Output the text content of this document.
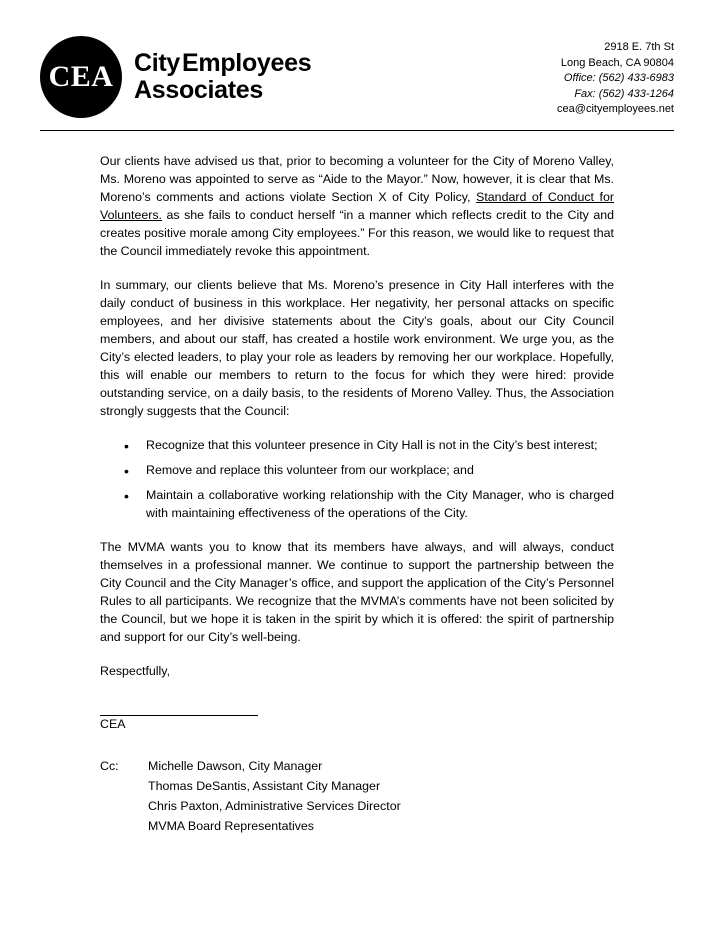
CEA CityEmployees
Associates
2918 E. 7th St
Long Beach, CA 90804
Office: (562) 433-6983
Fax: (562) 433-1264
cea@cityemployees.net

Our clients have advised us that, prior to becoming a volunteer for the City of Moreno Valley, Ms. Moreno was appointed to serve as “Aide to the Mayor.” Now, however, it is clear that Ms. Moreno’s comments and actions violate Section X of City Policy, Standard of Conduct for Volunteers. as she fails to conduct herself “in a manner which reflects credit to the City and creates positive morale among City employees.” For this reason, we would like to request that the Council immediately revoke this appointment.

In summary, our clients believe that Ms. Moreno’s presence in City Hall interferes with the daily conduct of business in this workplace. Her negativity, her personal attacks on specific employees, and her divisive statements about the City’s goals, about our City Council members, and about our staff, has created a hostile work environment. We urge you, as the City’s elected leaders, to play your role as leaders by removing her our workplace. Hopefully, this will enable our members to return to the focus for which they were hired: provide outstanding service, on a daily basis, to the residents of Moreno Valley. Thus, the Association strongly suggests that the Council:

• Recognize that this volunteer presence in City Hall is not in the City’s best interest;
• Remove and replace this volunteer from our workplace; and
• Maintain a collaborative working relationship with the City Manager, who is charged with maintaining effectiveness of the operations of the City.

The MVMA wants you to know that its members have always, and will always, conduct themselves in a professional manner. We continue to support the partnership between the City Council and the City Manager’s office, and support the application of the City’s Personnel Rules to all participants. We recognize that the MVMA’s comments have not been solicited by the Council, but we hope it is taken in the spirit by which it is offered: the spirit of partnership and support for our City’s well-being.

Respectfully,

CEA

Cc:	Michelle Dawson, City Manager
Thomas DeSantis, Assistant City Manager
Chris Paxton, Administrative Services Director
MVMA Board Representatives
